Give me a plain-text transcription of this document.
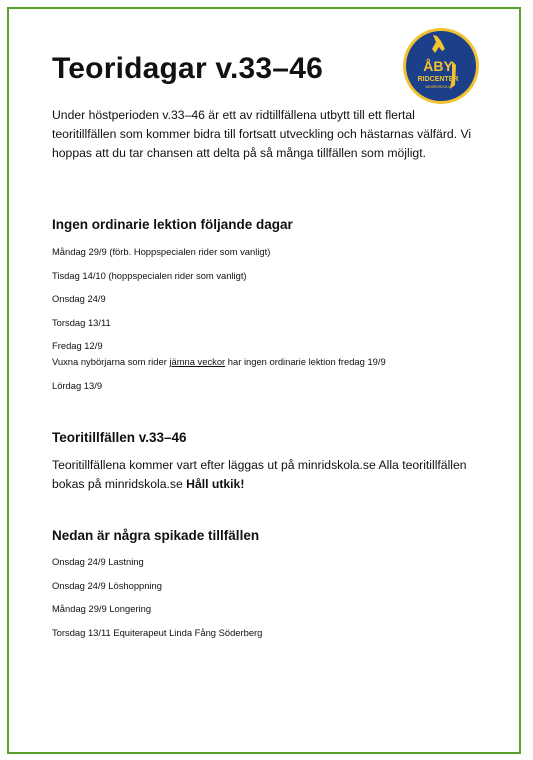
ÅBY
RIDCENTER
MINIRIDSKOLA
Teoridagar v.33–46

Under höstperioden v.33–46 är ett av ridtillfällena utbytt till ett flertal teoritillfällen som kommer bidra till fortsatt utveckling och hästarnas välfärd. Vi hoppas att du tar chansen att delta på så många tillfällen som möjligt.

Ingen ordinarie lektion följande dagar

Måndag 29/9 (förb. Hoppspecialen rider som vanligt)

Tisdag 14/10 (hoppspecialen rider som vanligt)

Onsdag 24/9

Torsdag 13/11

Fredag 12/9

Vuxna nybörjarna som rider jämna veckor har ingen ordinarie lektion fredag 19/9

Lördag 13/9

Teoritillfällen v.33–46

Teoritillfällena kommer vart efter läggas ut på minridskola.se Alla teoritillfällen bokas på minridskola.se Håll utkik!

Nedan är några spikade tillfällen

Onsdag 24/9 Lastning

Onsdag 24/9 Löshoppning

Måndag 29/9 Longering

Torsdag 13/11 Equiterapeut Linda Fång Söderberg
